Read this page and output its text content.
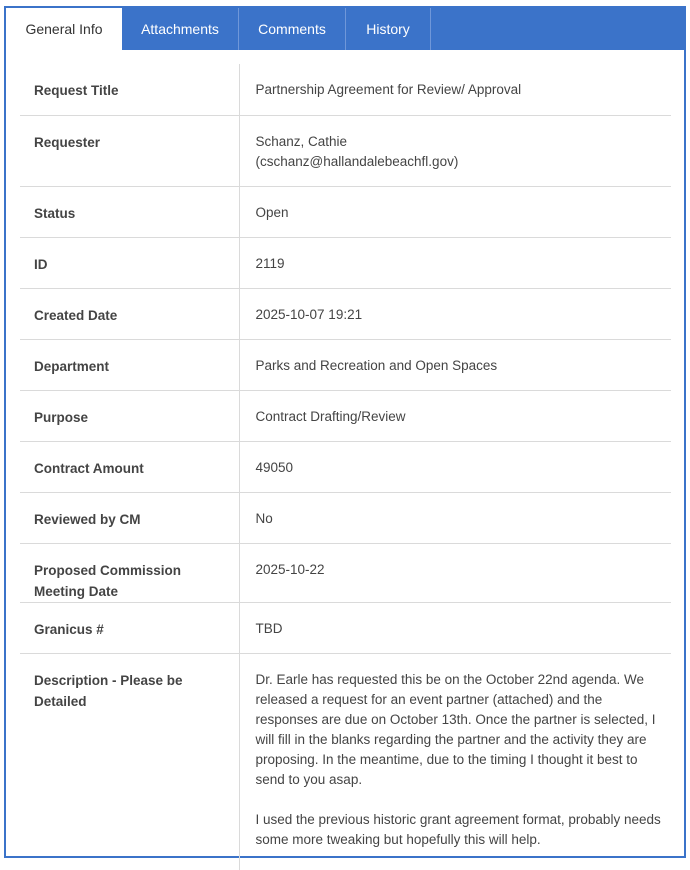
General Info	Attachments	Comments	History
Request Title	Partnership Agreement for Review/ Approval
Requester	Schanz, Cathie
(cschanz@hallandalebeachfl.gov)

Status	Open
ID	2119
Created Date	2025-10-07 19:21
Department	Parks and Recreation and Open Spaces
Purpose	Contract Drafting/Review
Contract Amount	49050
Reviewed by CM	No
Proposed Commission Meeting Date	2025-10-22
Granicus #	TBD
Description - Please be Detailed	Dr. Earle has requested this be on the October 22nd agenda. We released a request for an event partner (attached) and the responses are due on October 13th. Once the partner is selected, I will fill in the blanks regarding the partner and the activity they are proposing. In the meantime, due to the timing I thought it best to send to you asap.

I used the previous historic grant agreement format, probably needs some more tweaking but hopefully this will help.
